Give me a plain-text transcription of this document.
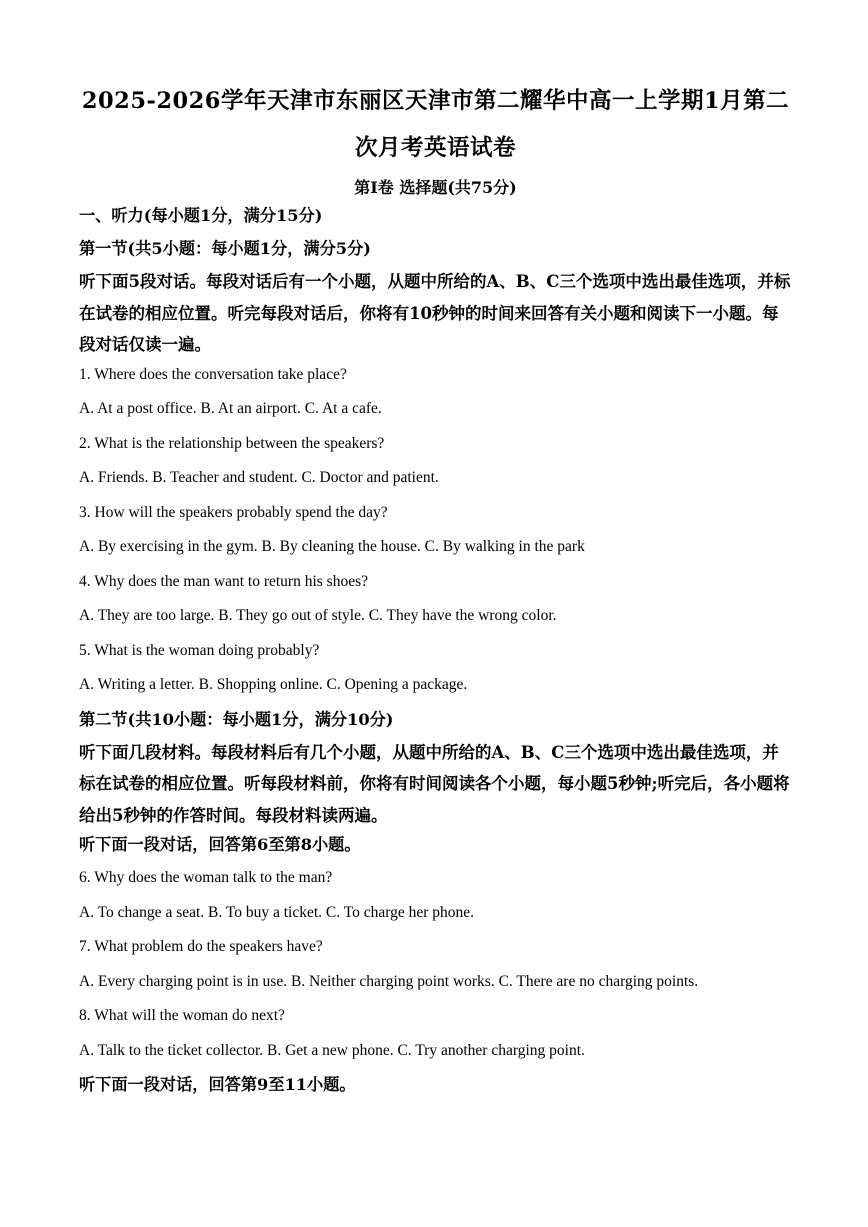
2025-2026学年天津市东丽区天津市第二耀华中高一上学期1月第二次月考英语试卷
第I卷 选择题(共75分)
一、听力(每小题1分，满分15分)
第一节(共5小题：每小题1分，满分5分)
听下面5段对话。每段对话后有一个小题，从题中所给的A、B、C三个选项中选出最佳选项，并标在试卷的相应位置。听完每段对话后，你将有10秒钟的时间来回答有关小题和阅读下一小题。每段对话仅读一遍。
1. Where does the conversation take place?
A. At a post office. B. At an airport. C. At a cafe.
2. What is the relationship between the speakers?
A. Friends. B. Teacher and student. C. Doctor and patient.
3. How will the speakers probably spend the day?
A. By exercising in the gym. B. By cleaning the house. C. By walking in the park
4. Why does the man want to return his shoes?
A. They are too large. B. They go out of style. C. They have the wrong color.
5. What is the woman doing probably?
A. Writing a letter. B. Shopping online. C. Opening a package.
第二节(共10小题：每小题1分，满分10分)
听下面几段材料。每段材料后有几个小题，从题中所给的A、B、C三个选项中选出最佳选项，并标在试卷的相应位置。听每段材料前，你将有时间阅读各个小题，每小题5秒钟;听完后，各小题将给出5秒钟的作答时间。每段材料读两遍。
听下面一段对话，回答第6至第8小题。
6. Why does the woman talk to the man?
A. To change a seat. B. To buy a ticket. C. To charge her phone.
7. What problem do the speakers have?
A. Every charging point is in use. B. Neither charging point works. C. There are no charging points.
8. What will the woman do next?
A. Talk to the ticket collector. B. Get a new phone. C. Try another charging point.
听下面一段对话，回答第9至11小题。
